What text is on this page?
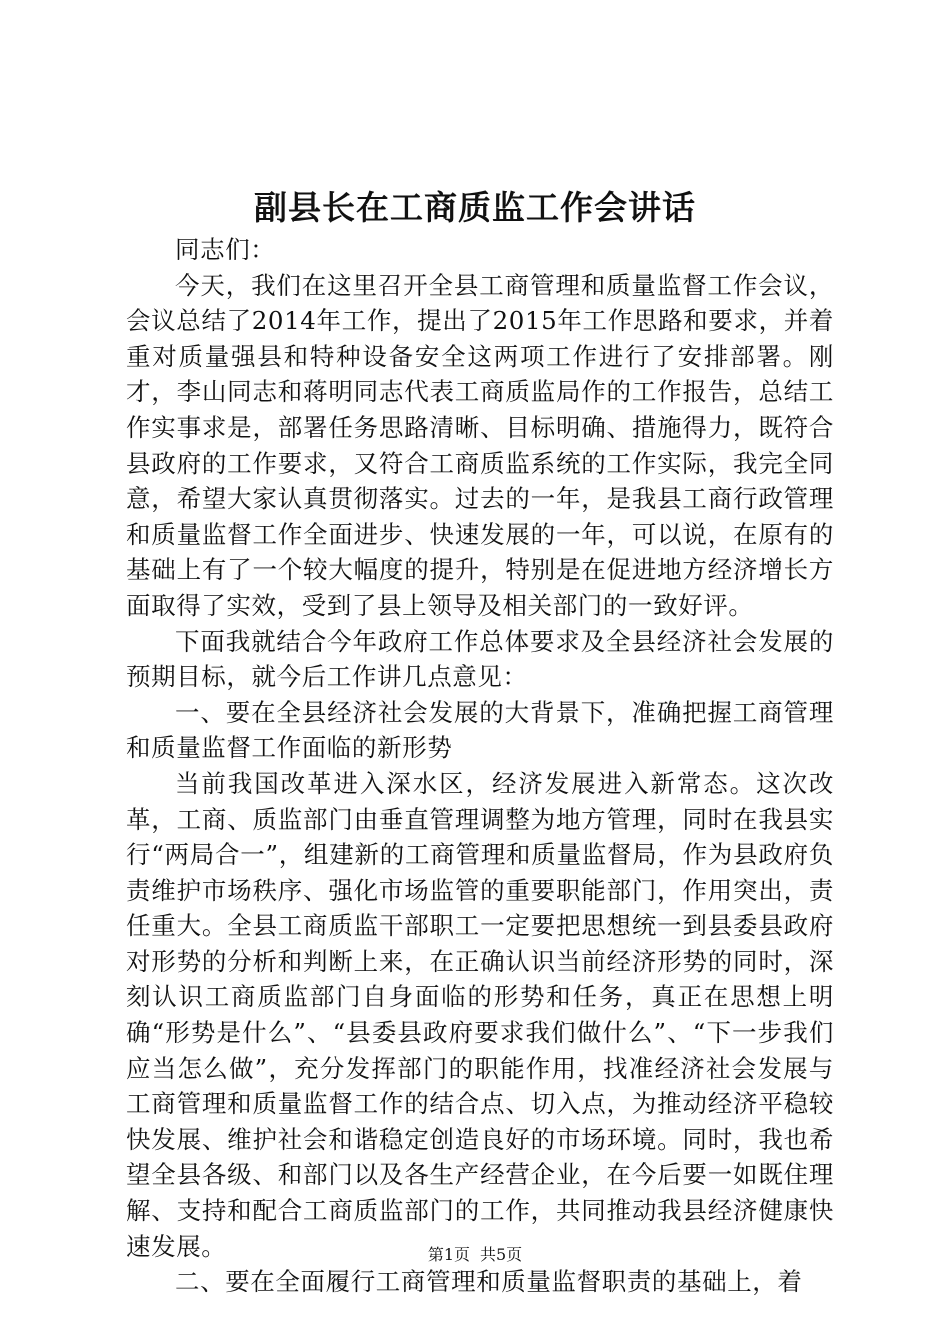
副县长在工商质监工作会讲话

同志们：

今天，我们在这里召开全县工商管理和质量监督工作会议，会议总结了2014年工作，提出了2015年工作思路和要求，并着重对质量强县和特种设备安全这两项工作进行了安排部署。刚才，李山同志和蒋明同志代表工商质监局作的工作报告，总结工作实事求是，部署任务思路清晰、目标明确、措施得力，既符合县政府的工作要求，又符合工商质监系统的工作实际，我完全同意，希望大家认真贯彻落实。过去的一年，是我县工商行政管理和质量监督工作全面进步、快速发展的一年，可以说，在原有的基础上有了一个较大幅度的提升，特别是在促进地方经济增长方面取得了实效，受到了县上领导及相关部门的一致好评。

下面我就结合今年政府工作总体要求及全县经济社会发展的预期目标，就今后工作讲几点意见：

一、要在全县经济社会发展的大背景下，准确把握工商管理和质量监督工作面临的新形势

当前我国改革进入深水区，经济发展进入新常态。这次改革，工商、质监部门由垂直管理调整为地方管理，同时在我县实行“两局合一”，组建新的工商管理和质量监督局，作为县政府负责维护市场秩序、强化市场监管的重要职能部门，作用突出，责任重大。全县工商质监干部职工一定要把思想统一到县委县政府对形势的分析和判断上来，在正确认识当前经济形势的同时，深刻认识工商质监部门自身面临的形势和任务，真正在思想上明确“形势是什么”、“县委县政府要求我们做什么”、“下一步我们应当怎么做”，充分发挥部门的职能作用，找准经济社会发展与工商管理和质量监督工作的结合点、切入点，为推动经济平稳较快发展、维护社会和谐稳定创造良好的市场环境。同时，我也希望全县各级、和部门以及各生产经营企业，在今后要一如既住理解、支持和配合工商质监部门的工作，共同推动我县经济健康快速发展。

二、要在全面履行工商管理和质量监督职责的基础上，着

第1页 共5页
